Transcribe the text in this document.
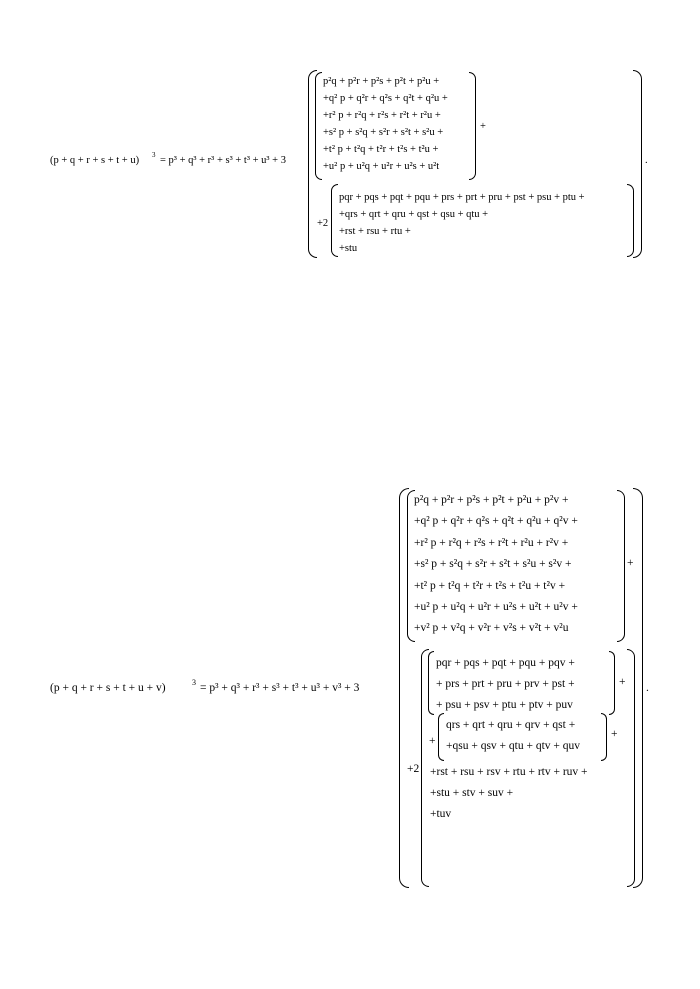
(p + q + r + s + t + u) 3 = p³ + q³ + r³ + s³ + t³ + u³ + 3	.
p²q + p²r + p²s + p²t + p²u +
+q² p + q²r + q²s + q²t + q²u +
+r² p + r²q + r²s + r²t + r²u +
+s² p + s²q + s²r + s²t + s²u +
+t² p + t²q + t²r + t²s + t²u +
+u² p + u²q + u²r + u²s + u²t
+
+2
pqr + pqs + pqt + pqu + prs + prt + pru + pst + psu + ptu +
+qrs + qrt + qru + qst + qsu + qtu +
+rst + rsu + rtu +
+stu
(p + q + r + s + t + u + v)	3 = p³ + q³ + r³ + s³ + t³ + u³ + v³ + 3	.
p²q + p²r + p²s + p²t + p²u + p²v +
+q² p + q²r + q²s + q²t + q²u + q²v +
+r² p + r²q + r²s + r²t + r²u + r²v +
+s² p + s²q + s²r + s²t + s²u + s²v +
+t² p + t²q + t²r + t²s + t²u + t²v +
+u² p + u²q + u²r + u²s + u²t + u²v +
+v² p + v²q + v²r + v²s + v²t + v²u
+
+2
pqr + pqs + pqt + pqu + pqv +
+ prs + prt + pru + prv + pst +
+ psu + psv + ptu + ptv + puv
+
+
qrs + qrt + qru + qrv + qst +
+qsu + qsv + qtu + qtv + quv
+
+rst + rsu + rsv + rtu + rtv + ruv +
+stu + stv + suv +
+tuv
